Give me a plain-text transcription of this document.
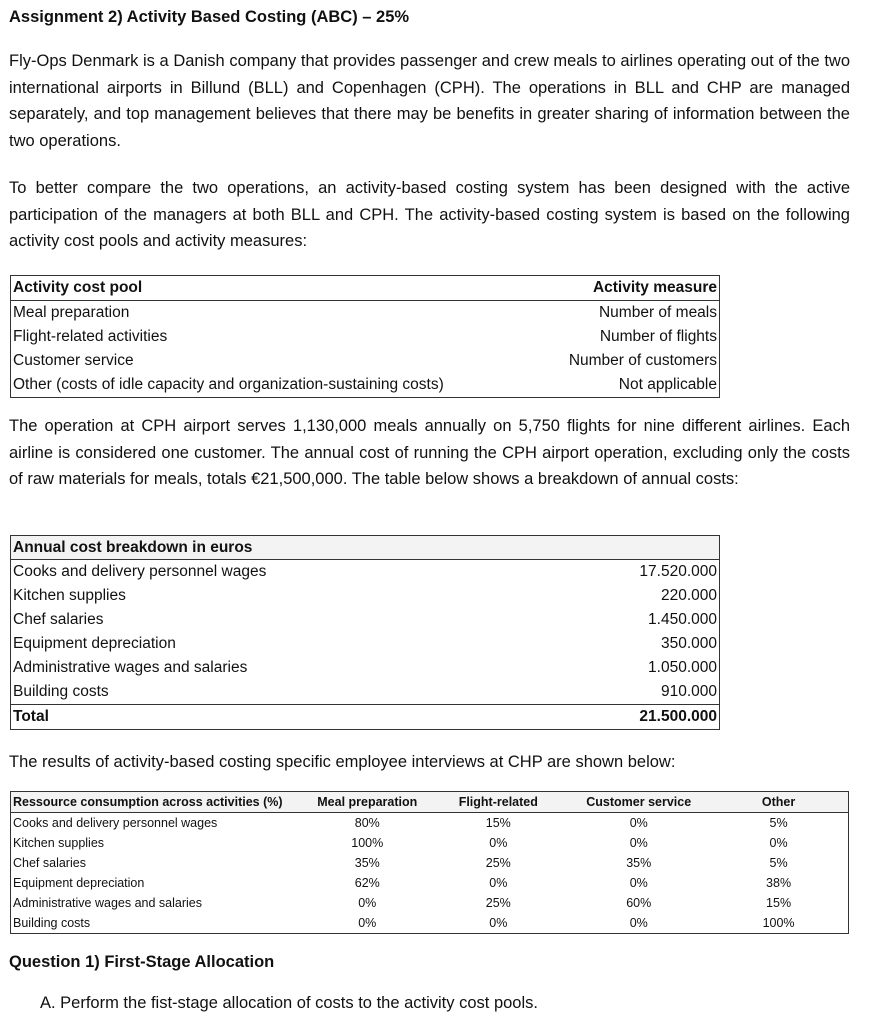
Assignment 2) Activity Based Costing (ABC) – 25%

Fly-Ops Denmark is a Danish company that provides passenger and crew meals to airlines operating out of the two international airports in Billund (BLL) and Copenhagen (CPH). The operations in BLL and CHP are managed separately, and top management believes that there may be benefits in greater sharing of information between the two operations.

To better compare the two operations, an activity-based costing system has been designed with the active participation of the managers at both BLL and CPH. The activity-based costing system is based on the following activity cost pools and activity measures:

Activity cost pool	Activity measure
Meal preparation	Number of meals
Flight-related activities	Number of flights
Customer service	Number of customers
Other (costs of idle capacity and organization-sustaining costs)	Not applicable

The operation at CPH airport serves 1,130,000 meals annually on 5,750 flights for nine different airlines. Each airline is considered one customer. The annual cost of running the CPH airport operation, excluding only the costs of raw materials for meals, totals €21,500,000. The table below shows a breakdown of annual costs:

Annual cost breakdown in euros	
Cooks and delivery personnel wages	17.520.000
Kitchen supplies	220.000
Chef salaries	1.450.000
Equipment depreciation	350.000
Administrative wages and salaries	1.050.000
Building costs	910.000
Total	21.500.000

The results of activity-based costing specific employee interviews at CHP are shown below:

Ressource consumption across activities (%)	Meal preparation	Flight-related	Customer service	Other
Cooks and delivery personnel wages	80%	15%	0%	5%
Kitchen supplies	100%	0%	0%	0%
Chef salaries	35%	25%	35%	5%
Equipment depreciation	62%	0%	0%	38%
Administrative wages and salaries	0%	25%	60%	15%
Building costs	0%	0%	0%	100%
Question 1) First-Stage Allocation
A. Perform the fist-stage allocation of costs to the activity cost pools.
